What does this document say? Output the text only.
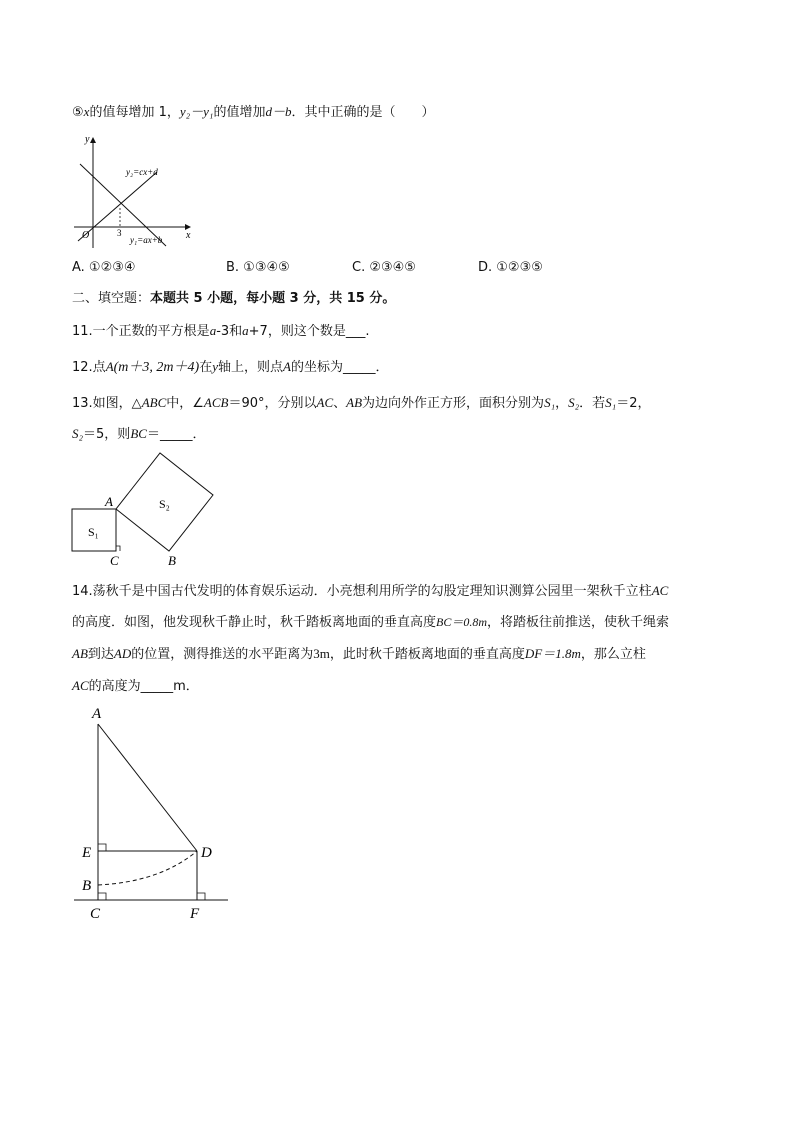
⑤x的值每增加 1，y₂－y₁的值增加d－b．其中正确的是（　　）
y
x
O	3
y₂=cx+d
y₁=ax+b
A. ①②③④	B. ①③④⑤	C. ②③④⑤	D. ①②③⑤
二、填空题：本题共 5 小题，每小题 3 分，共 15 分。
11.一个正数的平方根是a-3和a+7，则这个数是___.
12.点A(m＋3, 2m＋4)在y轴上，则点A的坐标为_____．
13.如图，△ABC中，∠ACB＝90°，分别以AC、AB为边向外作正方形，面积分别为S₁，S₂．若S₁＝2，
S₂＝5，则BC＝_____．
A
C	B
S₁
S₂
14.荡秋千是中国古代发明的体育娱乐运动．小亮想利用所学的勾股定理知识测算公园里一架秋千立柱AC
的高度．如图，他发现秋千静止时，秋千踏板离地面的垂直高度BC＝0.8m，将踏板往前推送，使秋千绳索
AB到达AD的位置，测得推送的水平距离为3m，此时秋千踏板离地面的垂直高度DF＝1.8m，那么立柱
AC的高度为_____m．
A
E
B
C
D
F
